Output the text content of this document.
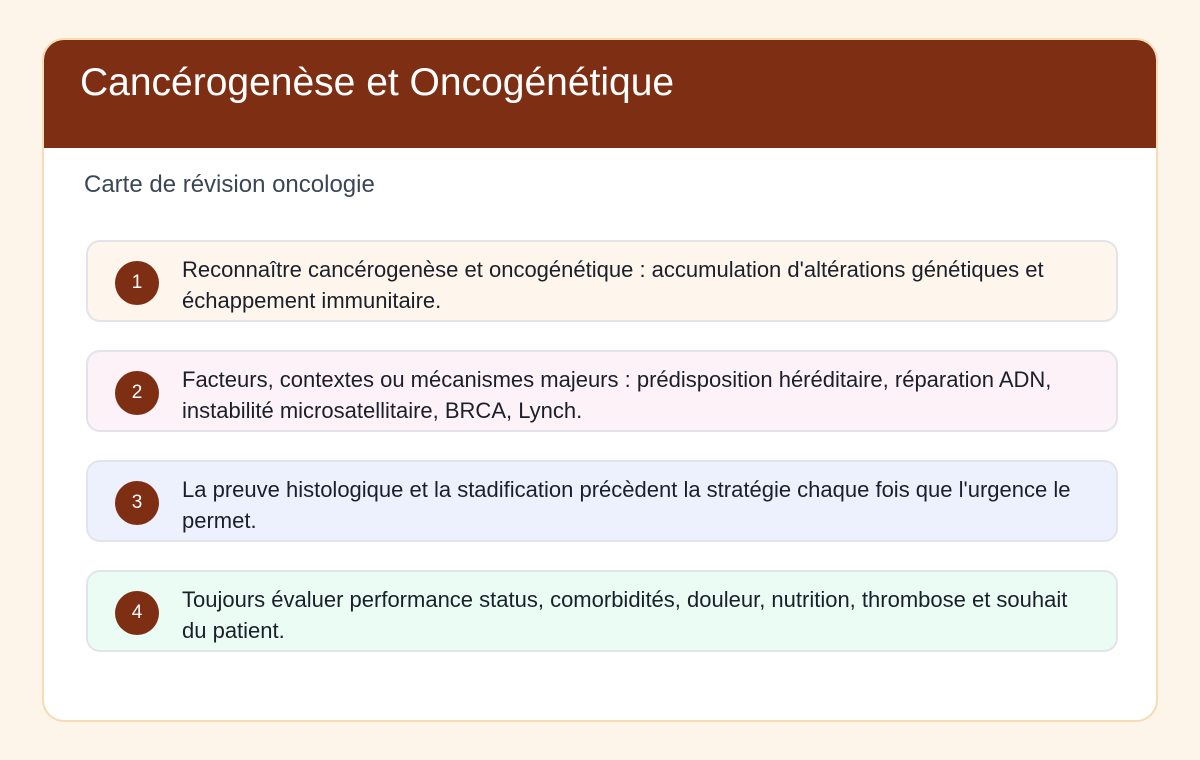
Cancérogenèse et Oncogénétique
Carte de révision oncologie
1
Reconnaître cancérogenèse et oncogénétique : accumulation d'altérations génétiques et échappement immunitaire.
2
Facteurs, contextes ou mécanismes majeurs : prédisposition héréditaire, réparation ADN, instabilité microsatellitaire, BRCA, Lynch.
3
La preuve histologique et la stadification précèdent la stratégie chaque fois que l'urgence le permet.
4
Toujours évaluer performance status, comorbidités, douleur, nutrition, thrombose et souhait du patient.
